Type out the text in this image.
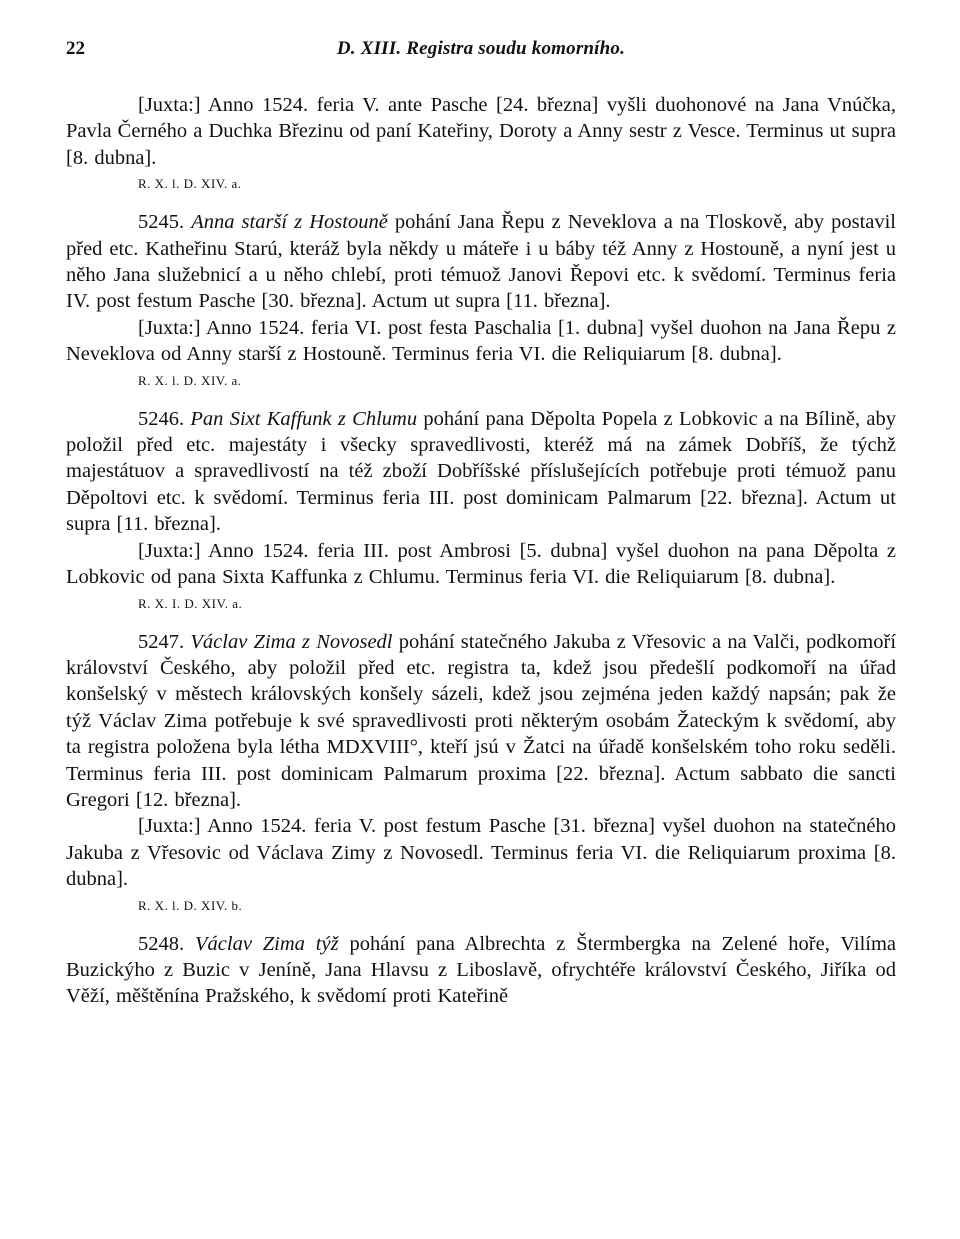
22	D. XIII. Registra soudu komorního.

[Juxta:] Anno 1524. feria V. ante Pasche [24. března] vyšli duohonové na Jana Vnúčka, Pavla Černého a Duchka Březinu od paní Kateřiny, Doroty a Anny sestr z Vesce. Terminus ut supra [8. dubna].

R. X. l. D. XIV. a.

5245. Anna starší z Hostouně pohání Jana Řepu z Neveklova a na Tloskově, aby postavil před etc. Katheřinu Starú, kteráž byla někdy u máteře i u báby též Anny z Hostouně, a nyní jest u něho Jana služebnicí a u něho chlebí, proti témuož Janovi Řepovi etc. k svědomí. Terminus feria IV. post festum Pasche [30. března]. Actum ut supra [11. března].

[Juxta:] Anno 1524. feria VI. post festa Paschalia [1. dubna] vyšel duohon na Jana Řepu z Neveklova od Anny starší z Hostouně. Terminus feria VI. die Reliquiarum [8. dubna].

R. X. l. D. XIV. a.

5246. Pan Sixt Kaffunk z Chlumu pohání pana Děpolta Popela z Lobkovic a na Bílině, aby položil před etc. majestáty i všecky spravedlivosti, kteréž má na zámek Dobříš, že týchž majestátuov a spravedlivostí na též zboží Dobříšské příslušejících potřebuje proti témuož panu Děpoltovi etc. k svědomí. Terminus feria III. post dominicam Palmarum [22. března]. Actum ut supra [11. března].

[Juxta:] Anno 1524. feria III. post Ambrosi [5. dubna] vyšel duohon na pana Děpolta z Lobkovic od pana Sixta Kaffunka z Chlumu. Terminus feria VI. die Reliquiarum [8. dubna].

R. X. I. D. XIV. a.

5247. Václav Zima z Novosedl pohání statečného Jakuba z Vřesovic a na Valči, podkomoří království Českého, aby položil před etc. registra ta, kdež jsou předešlí podkomoří na úřad konšelský v městech královských konšely sázeli, kdež jsou zejména jeden každý napsán; pak že týž Václav Zima potřebuje k své spravedlivosti proti některým osobám Žateckým k svědomí, aby ta registra položena byla létha MDXVIII°, kteří jsú v Žatci na úřadě konšelském toho roku seděli. Terminus feria III. post dominicam Palmarum proxima [22. března]. Actum sabbato die sancti Gregori [12. března].

[Juxta:] Anno 1524. feria V. post festum Pasche [31. března] vyšel duohon na statečného Jakuba z Vřesovic od Václava Zimy z Novosedl. Terminus feria VI. die Reliquiarum proxima [8. dubna].

R. X. l. D. XIV. b.

5248. Václav Zima týž pohání pana Albrechta z Štermbergka na Zelené hoře, Vilíma Buzickýho z Buzic v Jeníně, Jana Hlavsu z Liboslavě, ofrychtéře království Českého, Jiříka od Věží, měštěnína Pražského, k svědomí proti Kateřině
